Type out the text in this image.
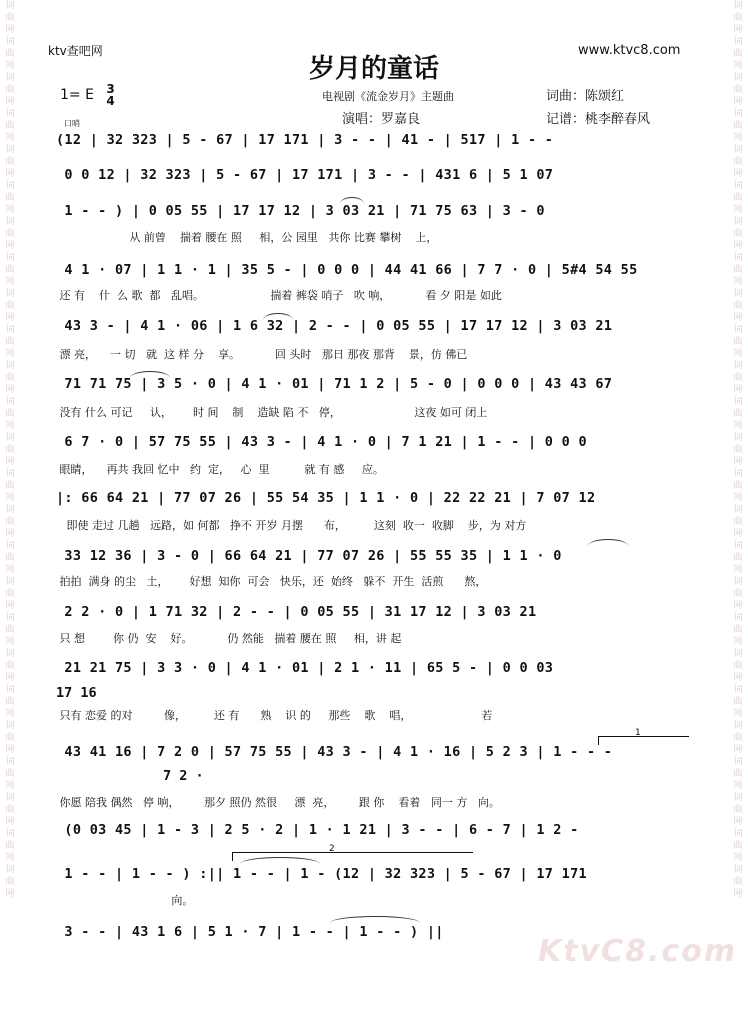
词曲网词曲网词曲网词曲网词曲网词曲网词曲网词曲网词曲网词曲网词曲网词曲网词曲网词曲网词曲网词曲网词曲网词曲网词曲网词曲网词曲网词曲网词曲网词曲网词曲网
词曲网词曲网词曲网词曲网词曲网词曲网词曲网词曲网词曲网词曲网词曲网词曲网词曲网词曲网词曲网词曲网词曲网词曲网词曲网词曲网词曲网词曲网词曲网词曲网词曲网
ktv查吧网	www.ktvc8.com
岁月的童话
1= E 3
4	电视剧《流金岁月》主题曲	词曲：陈颂红
演唱：罗嘉良	记谱：桃李醉春风
口哨
(12 | 32 323 | 5 - 67 | 17 171 | 3 - - | 41 - | 517 | 1 - -
0 0 12 | 32 323 | 5 - 67 | 17 171 | 3 - - | 431 6 | 5 1 07
1 - - ) | 0 05 55 | 17 17 12 | 3 03 21 | 71 75 63 | 3 - 0
从 前曾    揣着 腰在 照     相，公 园里   共你 比赛 攀树    上，
4 1 · 07 | 1 1 · 1 | 35 5 - | 0 0 0 | 44 41 66 | 7 7 · 0 | 5#4 54 55
还 有    什  么 歌  都   乱唱。                   揣着 裤袋 哨子   吹 响，          看 夕 阳是 如此
43 3 - | 4 1 · 06 | 1 6 32 | 2 - - | 0 05 55 | 17 17 12 | 3 03 21
漂 亮，    一 切   就  这 样 分    享。          回 头时   那日 那夜 那背    景，仿 佛已
71 71 75 | 3 5 · 0 | 4 1 · 01 | 71 1 2 | 5 - 0 | 0 0 0 | 43 43 67
没有 什么 可记     认，      时 间    制    造缺 陷 不   停，                     这夜 如可 闭上
6 7 · 0 | 57 75 55 | 43 3 - | 4 1 · 0 | 7 1 21 | 1 - - | 0 0 0
眼睛，    再共 我回 忆中   约  定，   心  里          就 有 感     应。
|: 66 64 21 | 77 07 26 | 55 54 35 | 1 1 · 0 | 22 22 21 | 7 07 12
即使 走过 几趟   远路，如 何都   挣不 开岁 月摆      布，        这刻  收一  收脚    步，为 对方
33 12 36 | 3 - 0 | 66 64 21 | 77 07 26 | 55 55 35 | 1 1 · 0
拍拍  满身 的尘   土，      好想  知你  可会   快乐，还  始终   躲不  开生  活煎      熬，
2 2 · 0 | 1 71 32 | 2 - - | 0 05 55 | 31 17 12 | 3 03 21
只 想        你 仍  安    好。          仍 然能   揣着 腰在 照     相，讲 起
21 21 75 | 3 3 · 0 | 4 1 · 01 | 2 1 · 11 | 65 5 - | 0 0 03
17 16
只有 恋爱 的对         像，        还 有      熟    识 的     那些    歌    唱，                    若
1
43 41 16 | 7 2 0 | 57 75 55 | 43 3 - | 4 1 · 16 | 5 2 3 | 1 - - -
7 2 ·
你愿 陪我 偶然   停 响，       那夕 照仍 然很     漂  亮，       跟 你    看着   同一 方   向。
(0 03 45 | 1 - 3 | 2 5 · 2 | 1 · 1 21 | 3 - - | 6 - 7 | 1 2 -
2
1 - - | 1 - - ) :|| 1 - - | 1 - (12 | 32 323 | 5 - 67 | 17 171
向。
3 - - | 43 1 6 | 5 1 · 7 | 1 - - | 1 - - ) ||
KtvC8.com
